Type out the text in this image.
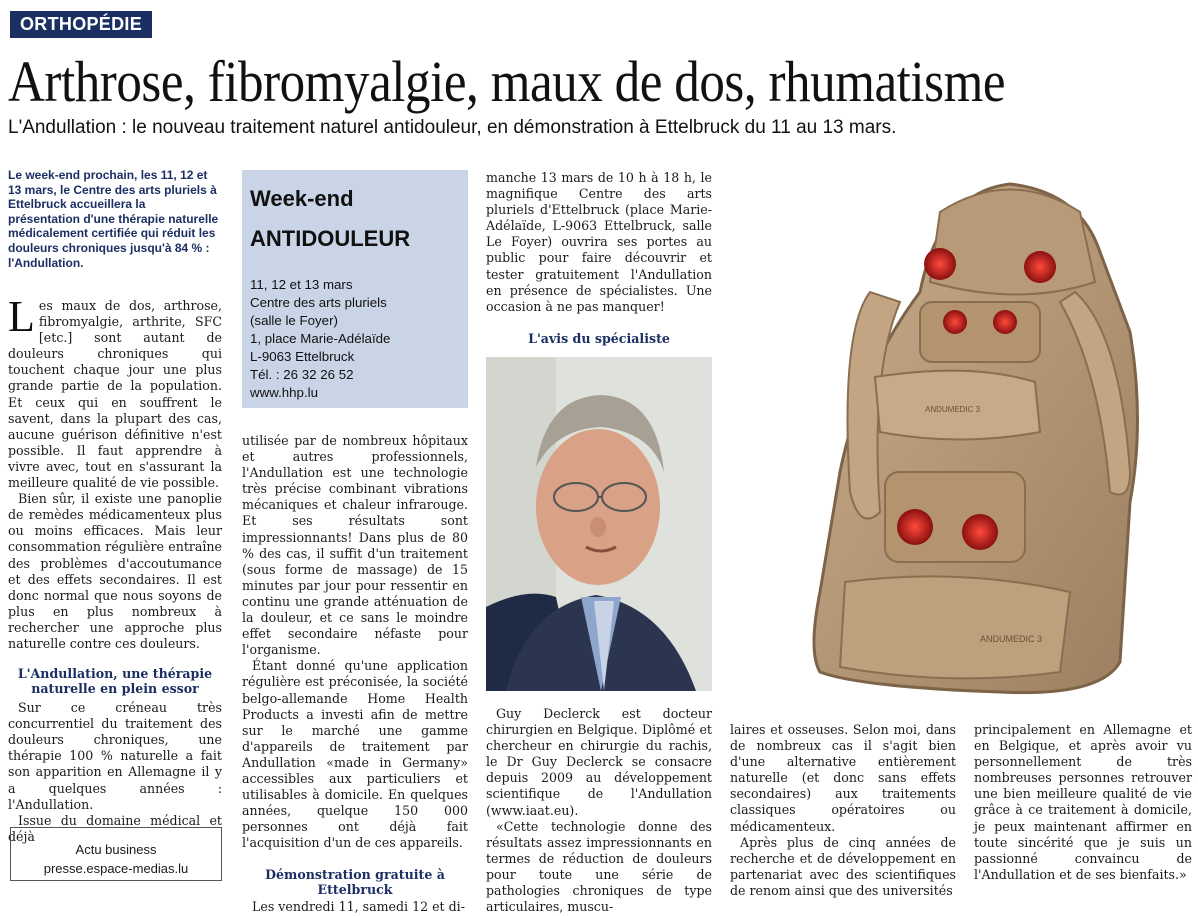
ORTHOPÉDIE
Arthrose, fibromyalgie, maux de dos, rhumatisme
L'Andullation : le nouveau traitement naturel antidouleur, en démonstration à Ettelbruck du 11 au 13 mars.
Le week-end prochain, les 11, 12 et 13 mars, le Centre des arts pluriels à Ettelbruck accueillera la présentation d'une thérapie naturelle médicalement certifiée qui réduit les douleurs chroniques jusqu'à 84 % : l'Andullation.

Les maux de dos, arthrose, fibromyalgie, arthrite, SFC [etc.] sont autant de douleurs chroniques qui touchent chaque jour une plus grande partie de la population. Et ceux qui en souffrent le savent, dans la plupart des cas, aucune guérison définitive n'est possible. Il faut apprendre à vivre avec, tout en s'assurant la meilleure qualité de vie possible.

Bien sûr, il existe une panoplie de remèdes médicamenteux plus ou moins efficaces. Mais leur consommation régulière entraîne des problèmes d'accoutumance et des effets secondaires. Il est donc normal que nous soyons de plus en plus nombreux à rechercher une approche plus naturelle contre ces douleurs.

L'Andullation, une thérapie naturelle en plein essor

Sur ce créneau très concurrentiel du traitement des douleurs chroniques, une thérapie 100 % naturelle a fait son apparition en Allemagne il y a quelques années : l'Andullation.

Issue du domaine médical et déjà

Actu business
presse.espace-medias.lu
Week-end
ANTIDOULEUR
11, 12 et 13 mars
Centre des arts pluriels
(salle le Foyer)
1, place Marie-Adélaïde
L-9063 Ettelbruck
Tél. : 26 32 26 52
www.hhp.lu

utilisée par de nombreux hôpitaux et autres professionnels, l'Andullation est une technologie très précise combinant vibrations mécaniques et chaleur infrarouge. Et ses résultats sont impressionnants! Dans plus de 80 % des cas, il suffit d'un traitement (sous forme de massage) de 15 minutes par jour pour ressentir en continu une grande atténuation de la douleur, et ce sans le moindre effet secondaire néfaste pour l'organisme.

Étant donné qu'une application régulière est préconisée, la société belgo-allemande Home Health Products a investi afin de mettre sur le marché une gamme d'appareils de traitement par Andullation «made in Germany» accessibles aux particuliers et utilisables à domicile. En quelques années, quelque 150 000 personnes ont déjà fait l'acquisition d'un de ces appareils.

Démonstration gratuite à Ettelbruck

Les vendredi 11, samedi 12 et di-

manche 13 mars de 10 h à 18 h, le magnifique Centre des arts pluriels d'Ettelbruck (place Marie-Adélaïde, L-9063 Ettelbruck, salle Le Foyer) ouvrira ses portes au public pour faire découvrir et tester gratuitement l'Andullation en présence de spécialistes. Une occasion à ne pas manquer!

L'avis du spécialiste

Guy Declerck est docteur chirurgien en Belgique. Diplômé et chercheur en chirurgie du rachis, le Dr Guy Declerck se consacre depuis 2009 au développement scientifique de l'Andullation (www.iaat.eu).

«Cette technologie donne des résultats assez impressionnants en termes de réduction de douleurs pour toute une série de pathologies chroniques de type articulaires, muscu-

laires et osseuses. Selon moi, dans de nombreux cas il s'agit bien d'une alternative entièrement naturelle (et donc sans effets secondaires) aux traitements classiques opératoires ou médicamenteux.

Après plus de cinq années de recherche et de développement en partenariat avec des scientifiques de renom ainsi que des universités

principalement en Allemagne et en Belgique, et après avoir vu personnellement de très nombreuses personnes retrouver une bien meilleure qualité de vie grâce à ce traitement à domicile, je peux maintenant affirmer en toute sincérité que je suis un passionné convaincu de l'Andullation et de ses bienfaits.»

ANDUMEDIC 3
ANDUMEDIC 3
